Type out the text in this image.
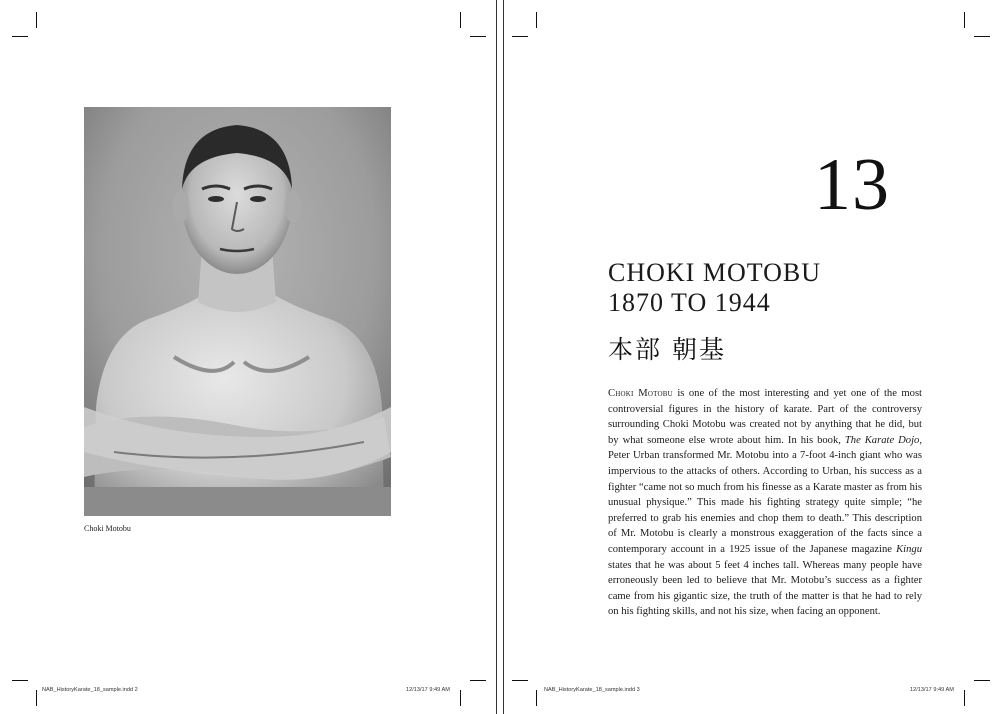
Choki Motobu
NAB_HistoryKarate_18_sample.indd 2	12/13/17 9:49 AM
13
CHOKI MOTOBU
1870 TO 1944
本部 朝基
Choki Motobu is one of the most interesting and yet one of the most controversial figures in the history of karate. Part of the controversy surrounding Choki Motobu was created not by anything that he did, but by what someone else wrote about him. In his book, The Karate Dojo, Peter Urban transformed Mr. Motobu into a 7-foot 4-inch giant who was impervious to the attacks of others. According to Urban, his success as a fighter “came not so much from his finesse as a Karate master as from his unusual physique.” This made his fighting strategy quite simple; “he preferred to grab his enemies and chop them to death.” This description of Mr. Motobu is clearly a monstrous exaggeration of the facts since a contemporary account in a 1925 issue of the Japanese magazine Kingu states that he was about 5 feet 4 inches tall. Whereas many people have erroneously been led to believe that Mr. Motobu’s success as a fighter came from his gigantic size, the truth of the matter is that he had to rely on his fighting skills, and not his size, when facing an opponent.
NAB_HistoryKarate_18_sample.indd 3	12/13/17 9:49 AM
